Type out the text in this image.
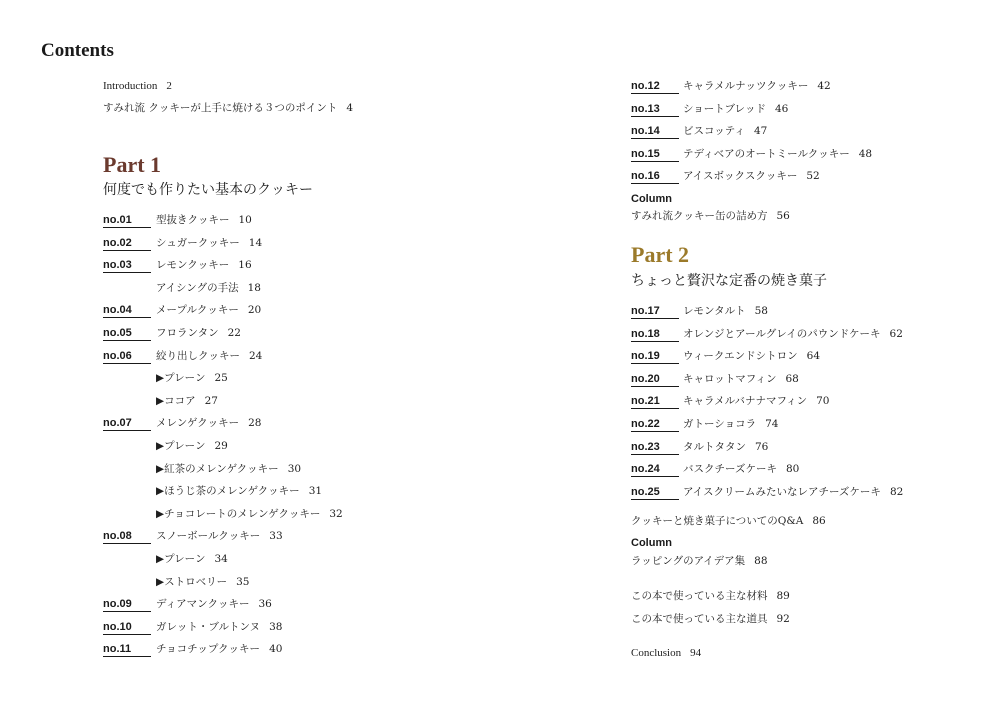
Contents
Introduction 2
すみれ流 クッキーが上手に焼ける３つのポイント 4
Part 1
何度でも作りたい基本のクッキー
no.01	型抜きクッキー 10
no.02	シュガークッキー 14
no.03	レモンクッキー 16
アイシングの手法 18
no.04	メープルクッキー 20
no.05	フロランタン 22
no.06	絞り出しクッキー 24
▶プレーン 25
▶ココア 27
no.07	メレンゲクッキー 28
▶プレーン 29
▶紅茶のメレンゲクッキー 30
▶ほうじ茶のメレンゲクッキー 31
▶チョコレートのメレンゲクッキー 32
no.08	スノーボールクッキー 33
▶プレーン 34
▶ストロベリー 35
no.09	ディアマンクッキー 36
no.10	ガレット・ブルトンヌ 38
no.11	チョコチップクッキー 40
no.12	キャラメルナッツクッキー 42
no.13	ショートブレッド 46
no.14	ビスコッティ 47
no.15	テディベアのオートミールクッキー 48
no.16	アイスボックスクッキー 52
Column
すみれ流クッキー缶の詰め方 56
Part 2
ちょっと贅沢な定番の焼き菓子
no.17	レモンタルト 58
no.18	オレンジとアールグレイのパウンドケーキ 62
no.19	ウィークエンドシトロン 64
no.20	キャロットマフィン 68
no.21	キャラメルバナナマフィン 70
no.22	ガトーショコラ 74
no.23	タルトタタン 76
no.24	バスクチーズケーキ 80
no.25	アイスクリームみたいなレアチーズケーキ 82
クッキーと焼き菓子についてのQ&A 86
Column
ラッピングのアイデア集 88
この本で使っている主な材料 89
この本で使っている主な道具 92
Conclusion 94
